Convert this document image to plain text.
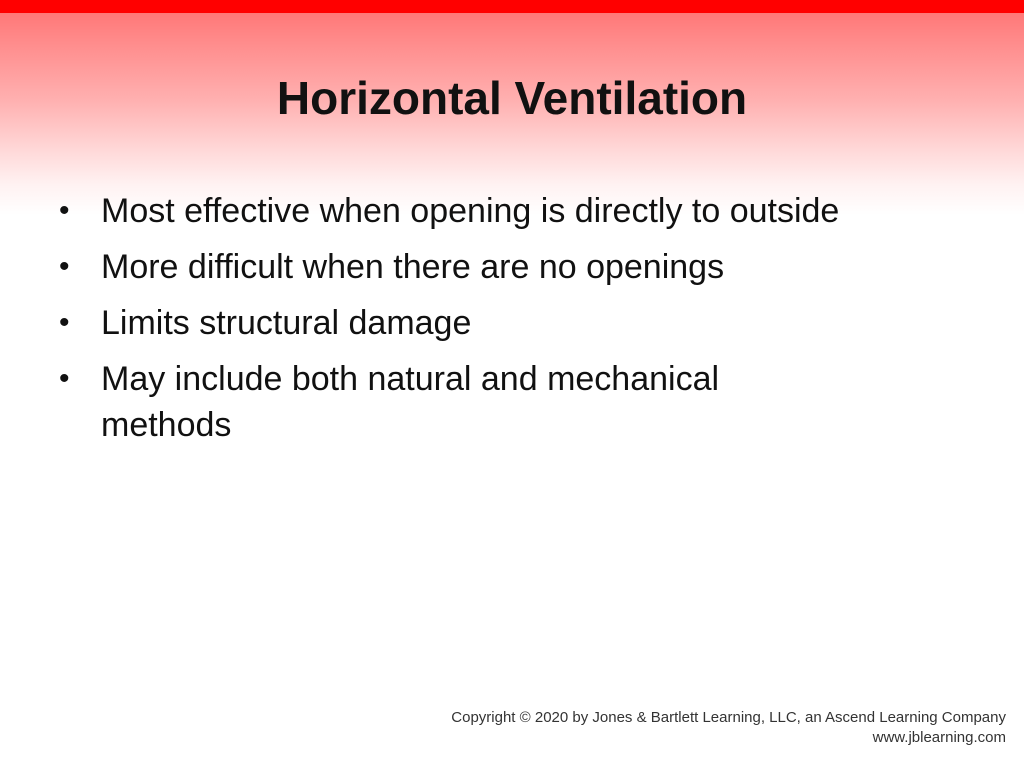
Horizontal Ventilation
• Most effective when opening is directly to outside
• More difficult when there are no openings
• Limits structural damage
• May include both natural and mechanical methods
Copyright © 2020 by Jones & Bartlett Learning, LLC, an Ascend Learning Company
www.jblearning.com
